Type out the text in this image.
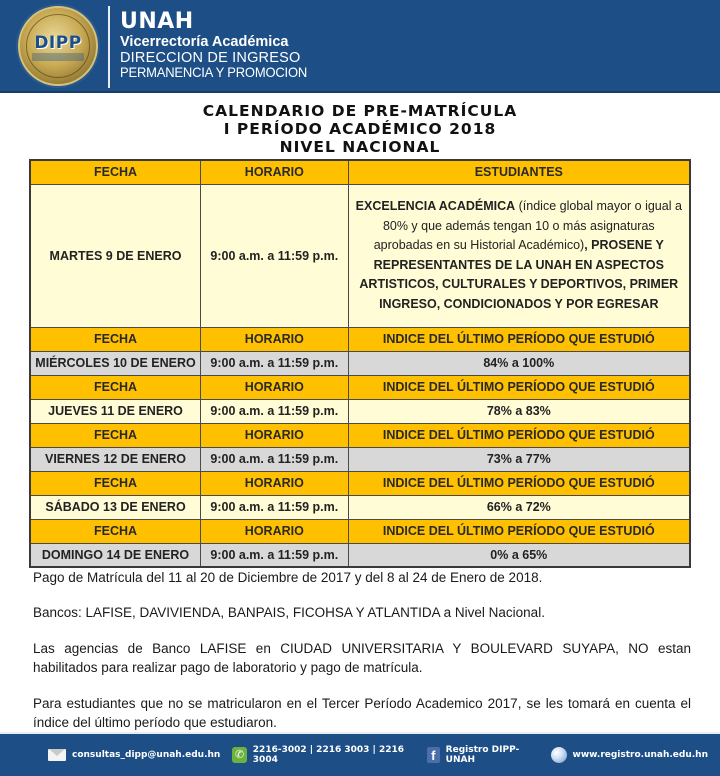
DIPP
UNAH
Vicerrectoría Académica
DIRECCION DE INGRESO
PERMANENCIA Y PROMOCION
CALENDARIO DE PRE-MATRÍCULA
I PERÍODO ACADÉMICO 2018
NIVEL NACIONAL
FECHA	HORARIO	ESTUDIANTES
MARTES 9 DE ENERO	9:00 a.m. a 11:59 p.m.	EXCELENCIA ACADÉMICA (índice global mayor o igual a 80% y que además tengan 10 o más asignaturas aprobadas en su Historial Académico), PROSENE Y REPRESENTANTES DE LA UNAH EN ASPECTOS ARTISTICOS, CULTURALES Y DEPORTIVOS, PRIMER INGRESO, CONDICIONADOS Y POR EGRESAR
FECHA	HORARIO	INDICE DEL ÚLTIMO PERÍODO QUE ESTUDIÓ
MIÉRCOLES 10 DE ENERO	9:00 a.m. a 11:59 p.m.	84% a 100%
FECHA	HORARIO	INDICE DEL ÚLTIMO PERÍODO QUE ESTUDIÓ
JUEVES 11 DE ENERO	9:00 a.m. a 11:59 p.m.	78% a 83%
FECHA	HORARIO	INDICE DEL ÚLTIMO PERÍODO QUE ESTUDIÓ
VIERNES 12 DE ENERO	9:00 a.m. a 11:59 p.m.	73% a 77%
FECHA	HORARIO	INDICE DEL ÚLTIMO PERÍODO QUE ESTUDIÓ
SÁBADO 13 DE ENERO	9:00 a.m. a 11:59 p.m.	66% a 72%
FECHA	HORARIO	INDICE DEL ÚLTIMO PERÍODO QUE ESTUDIÓ
DOMINGO 14 DE ENERO	9:00 a.m. a 11:59 p.m.	0% a 65%

Pago de Matrícula del 11 al 20 de Diciembre de 2017 y del 8 al 24 de Enero de 2018.

Bancos: LAFISE, DAVIVIENDA, BANPAIS, FICOHSA Y ATLANTIDA a Nivel Nacional.

Las agencias de Banco LAFISE en CIUDAD UNIVERSITARIA Y BOULEVARD SUYAPA, NO estan habilitados para realizar pago de laboratorio y pago de matrícula.

Para estudiantes que no se matricularon en el Tercer Período Academico 2017, se les tomará en cuenta el índice del último período que estudiaron.

consultas_dipp@unah.edu.hn ✆ 2216-3002 | 2216 3003 | 2216 3004	f	Registro DIPP-UNAH	www.registro.unah.edu.hn
